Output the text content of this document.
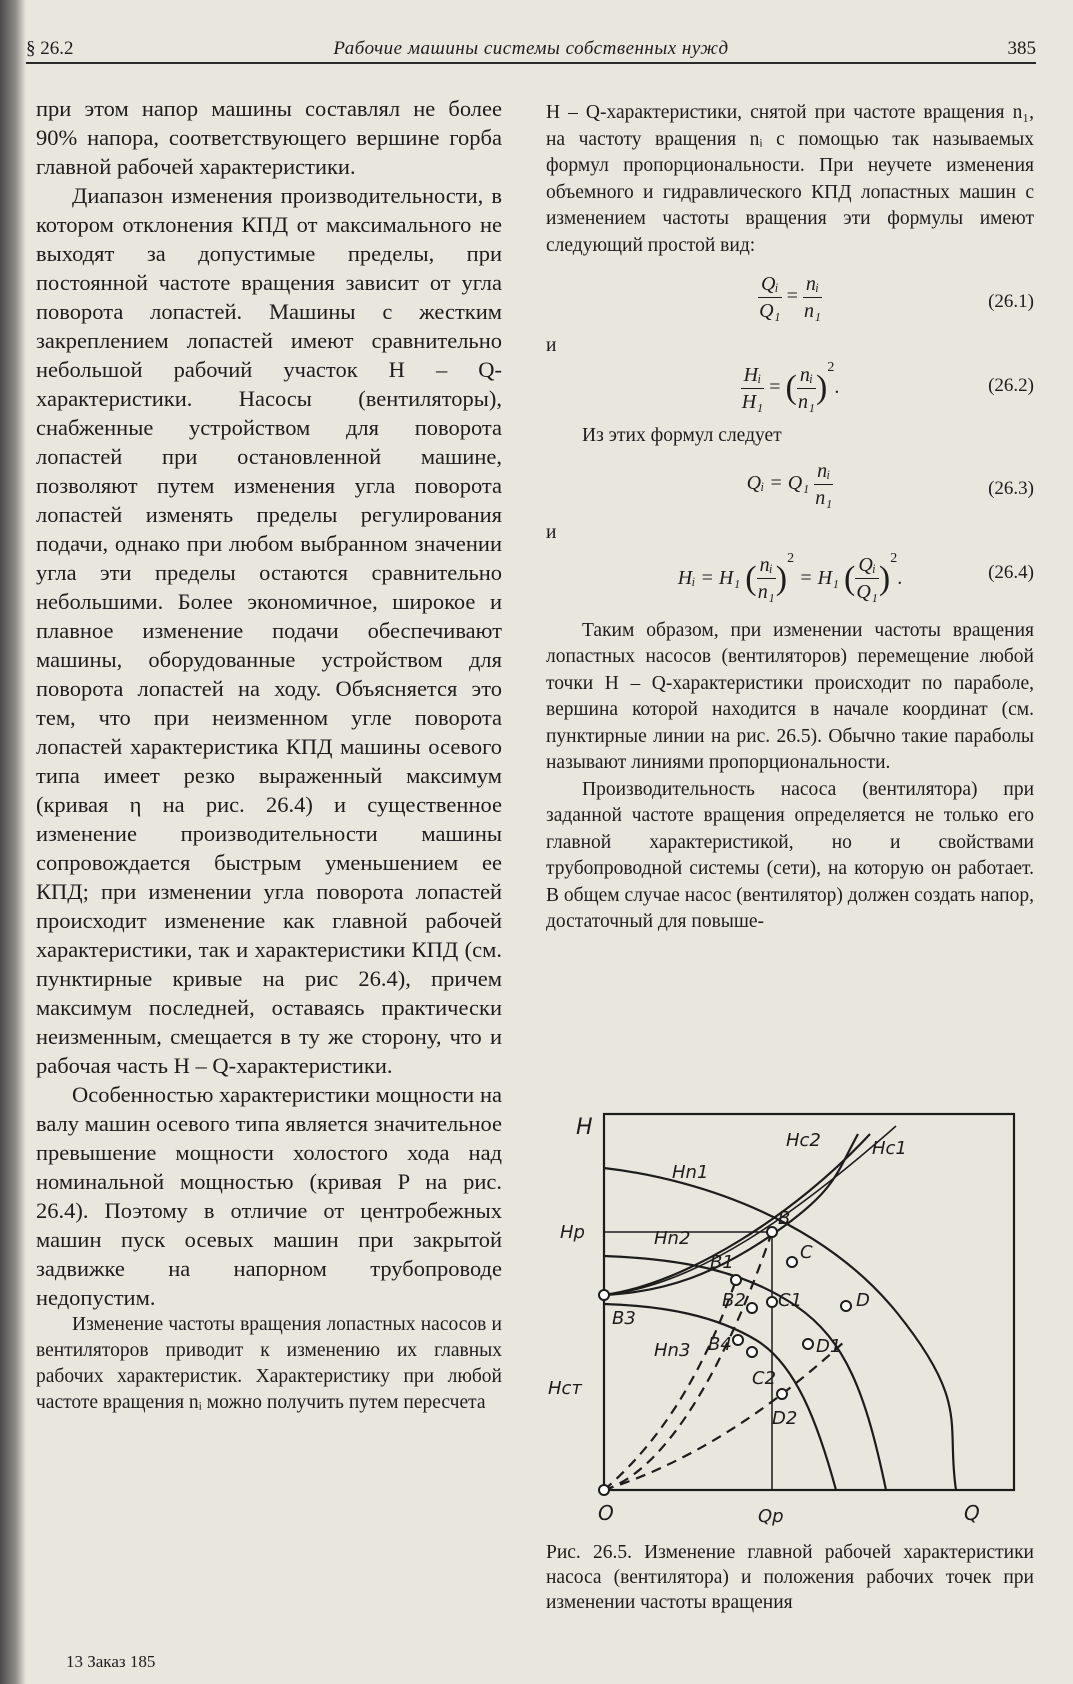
§ 26.2	Рабочие машины системы собственных нужд	385

при этом напор машины составлял не более 90% напора, соответствующего вершине горба главной рабочей характеристики.

Диапазон изменения производительности, в котором отклонения КПД от максимального не выходят за допустимые пределы, при постоянной частоте вращения зависит от угла поворота лопастей. Машины с жестким закреплением лопастей имеют сравнительно небольшой рабочий участок H – Q-характеристики. Насосы (вентиляторы), снабженные устройством для поворота лопастей при остановленной машине, позволяют путем изменения угла поворота лопастей изменять пределы регулирования подачи, однако при любом выбранном значении угла эти пределы остаются сравнительно небольшими. Более экономичное, широкое и плавное изменение подачи обеспечивают машины, оборудованные устройством для поворота лопастей на ходу. Объясняется это тем, что при неизменном угле поворота лопастей характеристика КПД машины осевого типа имеет резко выраженный максимум (кривая η на рис. 26.4) и существенное изменение производительности машины сопровождается быстрым уменьшением ее КПД; при изменении угла поворота лопастей происходит изменение как главной рабочей характеристики, так и характеристики КПД (см. пунктирные кривые на рис 26.4), причем максимум последней, оставаясь практически неизменным, смещается в ту же сторону, что и рабочая часть H – Q-характеристики.

Особенностью характеристики мощности на валу машин осевого типа является значительное превышение мощности холостого хода над номинальной мощностью (кривая P на рис. 26.4). Поэтому в отличие от центробежных машин пуск осевых машин при закрытой задвижке на напорном трубопроводе недопустим.

Изменение частоты вращения лопастных насосов и вентиляторов приводит к изменению их главных рабочих характеристик. Характеристику при любой частоте вращения nᵢ можно получить путем пересчета

H – Q-характеристики, снятой при частоте вращения n₁, на частоту вращения nᵢ с помощью так называемых формул пропорциональности. При неучете изменения объемного и гидравлического КПД лопастных машин с изменением частоты вращения эти формулы имеют следующий простой вид:
$\frac{\text{Qᵢ}}{\text{Q₁}} = \frac{\text{nᵢ}}{\text{n₁}}$	(26.1)
и
$\frac{\text{Hᵢ}}{\text{H₁}}$ = ( $\frac{\text{nᵢ}}{\text{n₁}} )^2$.	(26.2)
Из этих формул следует
Qᵢ = $Q_1 \frac{\text{nᵢ}}{\text{n₁}}$	(26.3)
и
Hᵢ = H₁ ( $\frac{\text{nᵢ}}{\text{n₁}} )^2 = H_1$ ( $\frac{\text{Qᵢ}}{\text{Q₁}} )^2$.	(26.4)
Таким образом, при изменении частоты вращения лопастных насосов (вентиляторов) перемещение любой точки H – Q-характеристики происходит по параболе, вершина которой находится в начале координат (см. пунктирные линии на рис. 26.5). Обычно такие параболы называют линиями пропорциональности.
Производительность насоса (вентилятора) при заданной частоте вращения определяется не только его главной характеристикой, но и свойствами трубопроводной системы (сети), на которую он работает. В общем случае насос (вентилятор) должен создать напор, достаточный для повыше-
H
Q
O	Qp
Hp
Hст
Hc1
Hc2
Hn1
Hn2
Hn3
B
C
D
B1
C1
D1
B2
B3
B4
C2
D2
Рис. 26.5. Изменение главной рабочей характеристики насоса (вентилятора) и положения рабочих точек при изменении частоты вращения
13 Заказ 185
